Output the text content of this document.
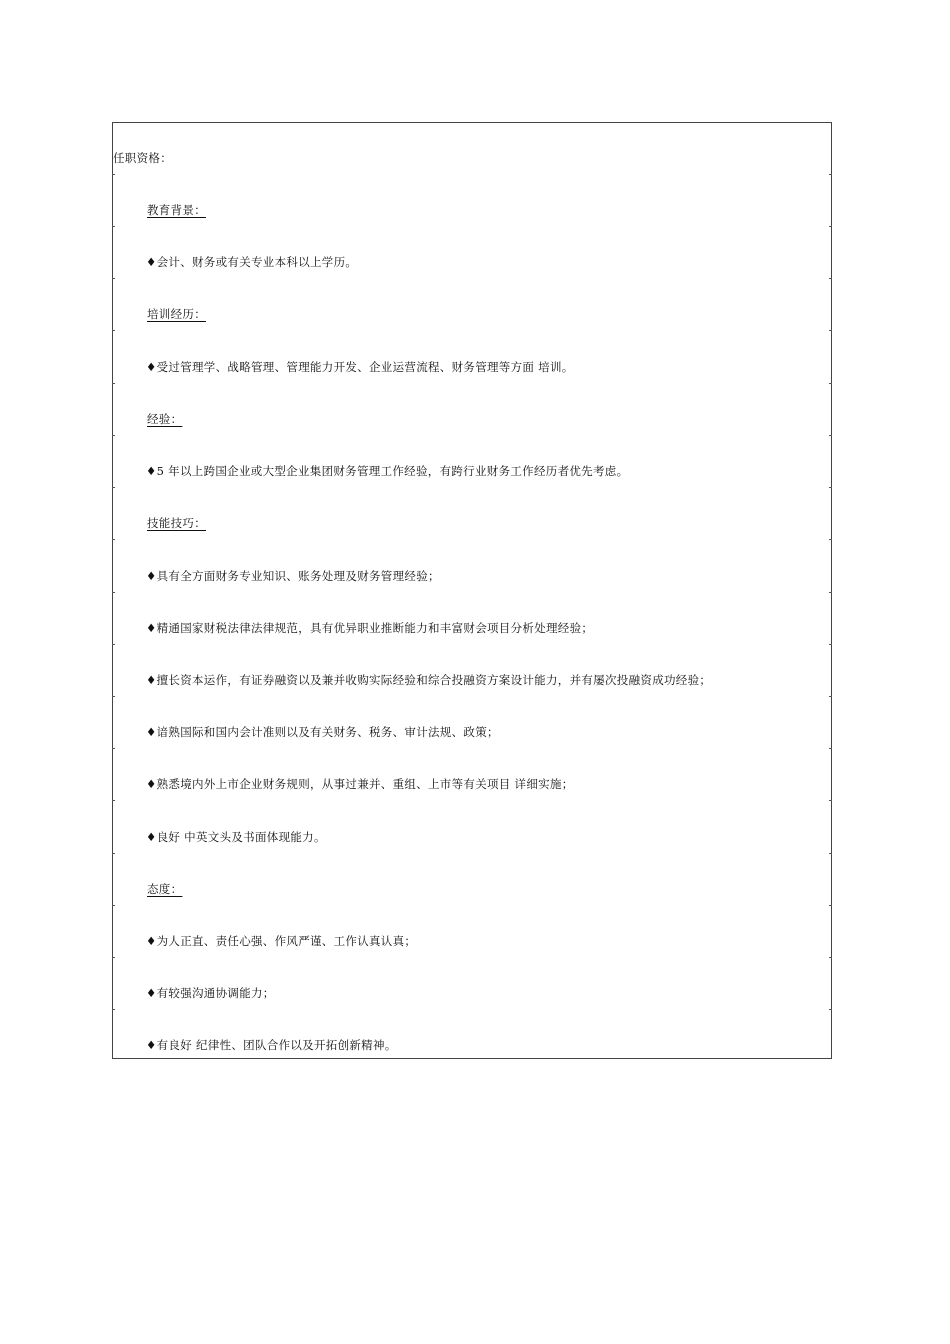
任职资格：
教育背景：
♦会计、财务或有关专业本科以上学历。
培训经历：
♦受过管理学、战略管理、管理能力开发、企业运营流程、财务管理等方面 培训。
经验：
♦5 年以上跨国企业或大型企业集团财务管理工作经验，有跨行业财务工作经历者优先考虑。
技能技巧：
♦具有全方面财务专业知识、账务处理及财务管理经验；
♦精通国家财税法律法律规范，具有优异职业推断能力和丰富财会项目分析处理经验；
♦擅长资本运作，有证券融资以及兼并收购实际经验和综合投融资方案设计能力，并有屡次投融资成功经验；
♦谙熟国际和国内会计准则以及有关财务、税务、审计法规、政策；
♦熟悉境内外上市企业财务规则，从事过兼并、重组、上市等有关项目 详细实施；
♦良好 中英文头及书面体现能力。
态度：
♦为人正直、责任心强、作风严谨、工作认真认真；
♦有较强沟通协调能力；
♦有良好 纪律性、团队合作以及开拓创新精神。
